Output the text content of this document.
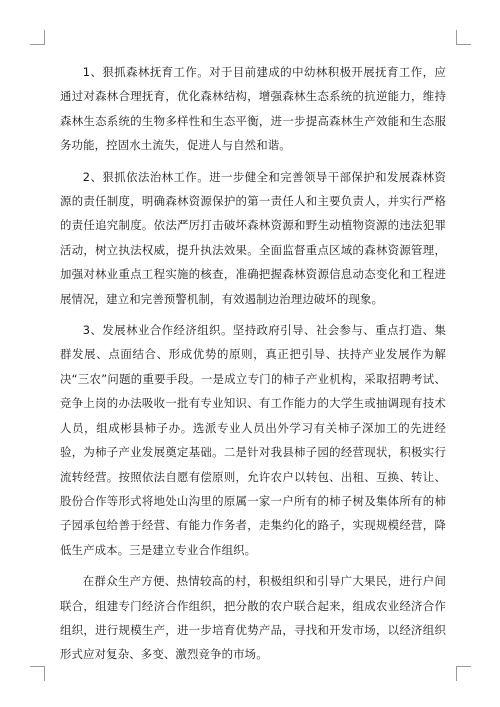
1、狠抓森林抚育工作。对于目前建成的中幼林积极开展抚育工作，应通过对森林合理抚育，优化森林结构，增强森林生态系统的抗逆能力，维持森林生态系统的生物多样性和生态平衡，进一步提高森林生产效能和生态服务功能，控固水土流失，促进人与自然和谐。

2、狠抓依法治林工作。进一步健全和完善领导干部保护和发展森林资源的责任制度，明确森林资源保护的第一责任人和主要负责人，并实行严格的责任追究制度。依法严厉打击破坏森林资源和野生动植物资源的违法犯罪活动，树立执法权威，提升执法效果。全面监督重点区域的森林资源管理，加强对林业重点工程实施的核查，准确把握森林资源信息动态变化和工程进展情况，建立和完善预警机制，有效遏制边治理边破坏的现象。

3、发展林业合作经济组织。坚持政府引导、社会参与、重点打造、集群发展、点面结合、形成优势的原则，真正把引导、扶持产业发展作为解决“三农”问题的重要手段。一是成立专门的柿子产业机构，采取招聘考试、竞争上岗的办法吸收一批有专业知识、有工作能力的大学生或抽调现有技术人员，组成彬县柿子办。选派专业人员出外学习有关柿子深加工的先进经验，为柿子产业发展奠定基础。二是针对我县柿子园的经营现状，积极实行流转经营。按照依法自愿有偿原则，允许农户以转包、出租、互换、转让、股份合作等形式将地处山沟里的原属一家一户所有的柿子树及集体所有的柿子园承包给善于经营、有能力作务者，走集约化的路子，实现规模经营，降低生产成本。三是建立专业合作组织。

在群众生产方便、热情较高的村，积极组织和引导广大果民，进行户间联合，组建专门经济合作组织，把分散的农户联合起来，组成农业经济合作组织，进行规模生产，进一步培育优势产品，寻找和开发市场，以经济组织形式应对复杂、多变、激烈竞争的市场。
